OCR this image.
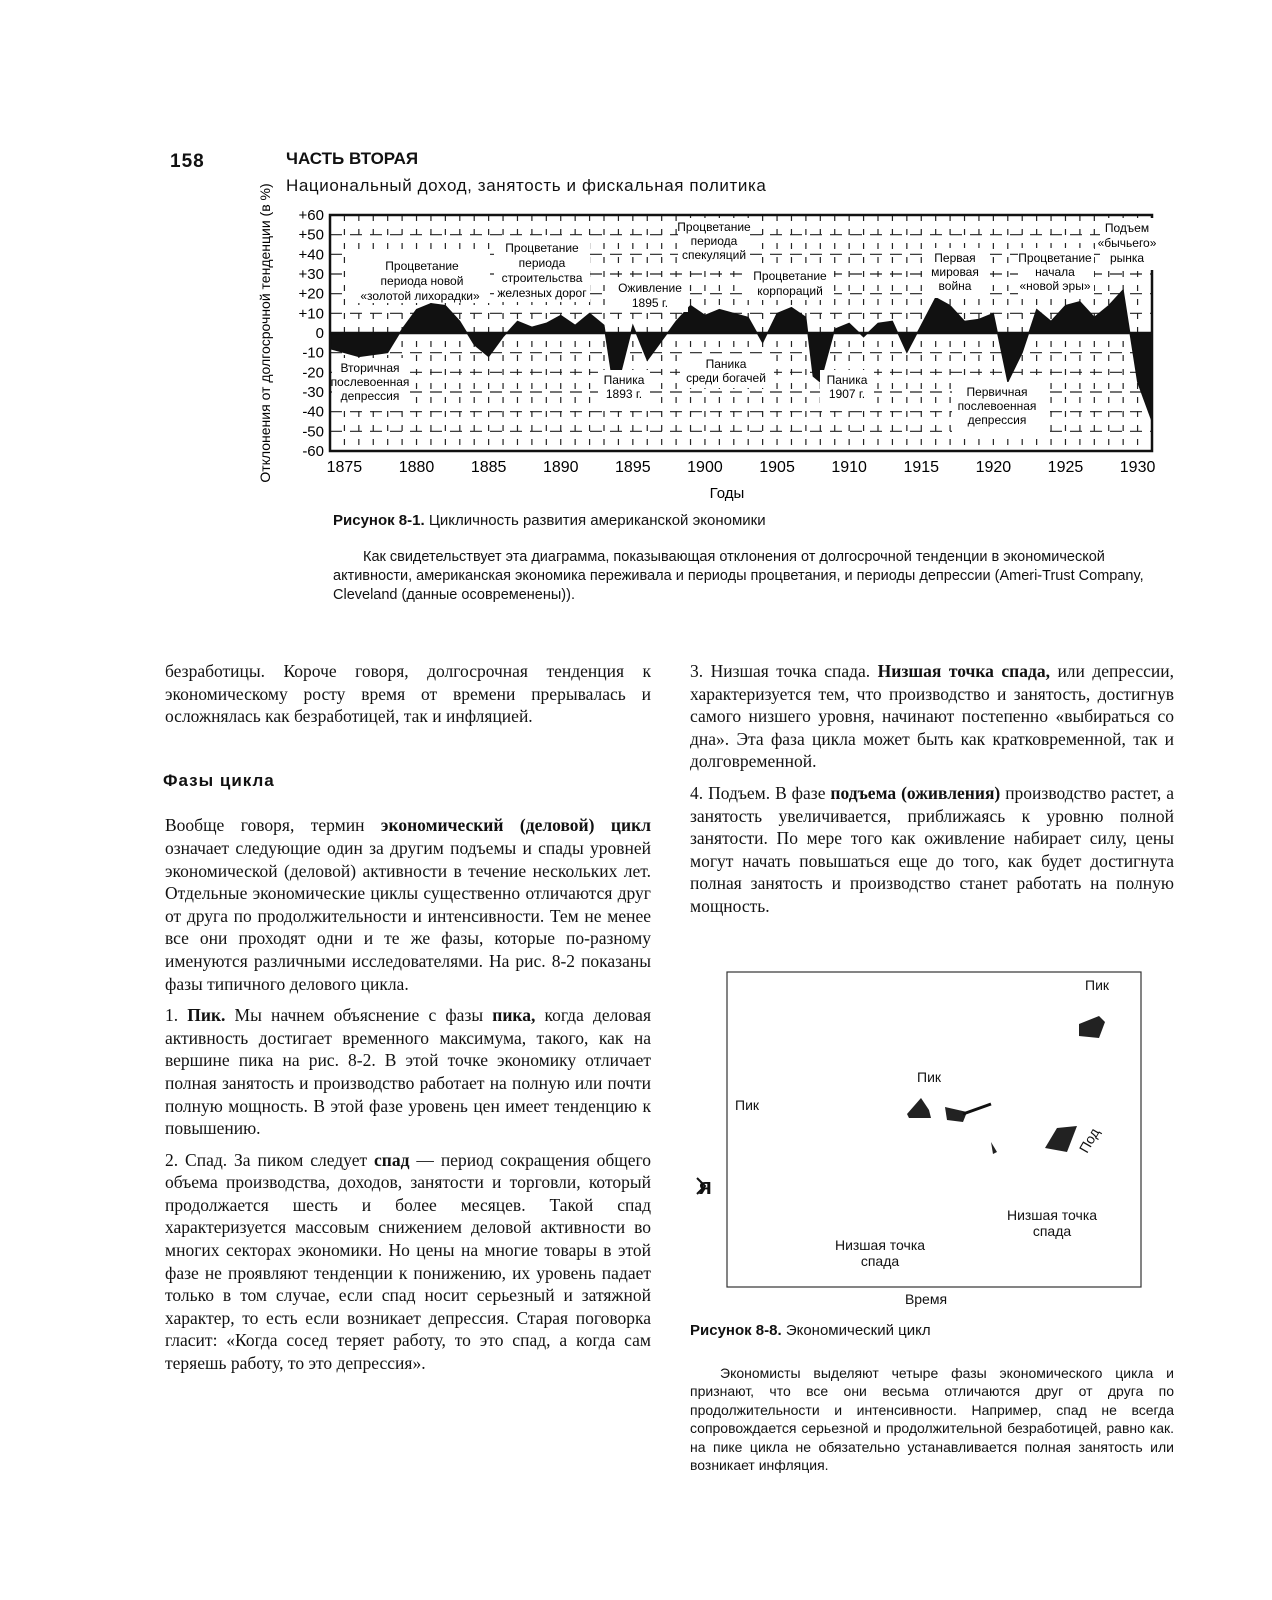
158	ЧАСТЬ ВТОРАЯ
Национальный доход, занятость и фискальная политика
+60
+50
+40
+30
+20
+10
0
-10
-20
-30
-40
-50
-60
1875 1880 1885 1890 1895 1900 1905 1910 1915 1920 1925 1930
Отклонения от долгосрочной тенденции (в %)
Годы
Процветание
периода новой
«золотой лихорадки»
Процветание
периода
строительства
железных дорог
Процветание
периода
спекуляций
Оживление
1895 г.
Процветание
корпораций
Первая
мировая
война
Процветание
начала
«новой эры»
Подъем
«бычьего»
рынка
Вторичная
послевоенная
депрессия
Паника
1893 г.
Паника
среди богачей	Паника
1907 г.	Первичная
послевоенная
депрессия
Рисунок 8-1. Цикличность развития американской экономики
Как свидетельствует эта диаграмма, показывающая отклонения от долгосрочной тенденции в экономической активности, американская экономика переживала и периоды процветания, и периоды депрессии (Ameri-Trust Company, Cleveland (данные осовременены)).

безработицы. Короче говоря, долгосрочная тенденция к экономическому росту время от времени прерывалась и осложнялась как безработицей, так и инфляцией.

Фазы цикла

Вообще говоря, термин экономический (деловой) цикл означает следующие один за другим подъемы и спады уровней экономической (деловой) активности в течение нескольких лет. Отдельные экономические циклы существенно отличаются друг от друга по продолжительности и интенсивности. Тем не менее все они проходят одни и те же фазы, которые по-разному именуются различными исследователями. На рис. 8-2 показаны фазы типичного делового цикла.

1. Пик. Мы начнем объяснение с фазы пика, когда деловая активность достигает временного максимума, такого, как на вершине пика на рис. 8-2. В этой точке экономику отличает полная занятость и производство работает на полную или почти полную мощность. В этой фазе уровень цен имеет тенденцию к повышению.

2. Спад. За пиком следует спад — период сокращения общего объема производства, доходов, занятости и торговли, который продолжается шесть и более месяцев. Такой спад характеризуется массовым снижением деловой активности во многих секторах экономики. Но цены на многие товары в этой фазе не проявляют тенденции к понижению, их уровень падает только в том случае, если спад носит серьезный и затяжной характер, то есть если возникает депрессия. Старая поговорка гласит: «Когда сосед теряет работу, то это спад, а когда сам теряешь работу, то это депрессия».

3. Низшая точка спада. Низшая точка спада, или депрессии, характеризуется тем, что производство и занятость, достигнув самого низшего уровня, начинают постепенно «выбираться со дна». Эта фаза цикла может быть как кратковременной, так и долговременной.

4. Подъем. В фазе подъема (оживления) производство растет, а занятость увеличивается, приближаясь к уровню полной занятости. По мере того как оживление набирает силу, цены могут начать повышаться еще до того, как будет достигнута полная занятость и производство станет работать на полную мощность.

Пик
Пик
Пик
Под
Низшая точка
спада
Низшая точка
спада
Время
я
Рисунок 8-8. Экономический цикл
Экономисты выделяют четыре фазы экономического цикла и признают, что все они весьма отличаются друг от друга по продолжительности и интенсивности. Например, спад не всегда сопровождается серьезной и продолжительной безработицей, равно как. на пике цикла не обязательно устанавливается полная занятость или возникает инфляция.
